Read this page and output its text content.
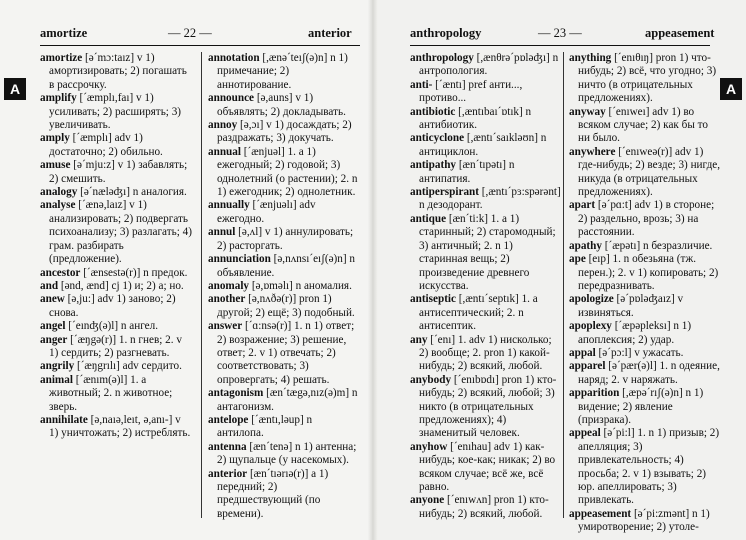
amortize	— 22 —	anterior	anthropology	— 23 —	appeasement
A	A
amortize [ə´mɔ:taız] v 1) амортизировать; 2) погашать в рассрочку.
amplify [´æmplı,faı] v 1) усиливать; 2) расширять; 3) увеличивать.
amply [´æmplı] adv 1) достаточно; 2) обильно.
amuse [ə´mju:z] v 1) забавлять; 2) смешить.
analogy [ə´næləʤı] n аналогия.
analyse [´ænə,laız] v 1) анализировать; 2) подвергать психоанализу; 3) разлагать; 4) грам. разбирать (предложение).
ancestor [´ænsestə(r)] n предок.
and [ənd, ænd] cj 1) и; 2) а; но.
anew [ə,ju:] adv 1) заново; 2) снова.
angel [´eınʤ(ə)l] n ангел.
anger [´æŋgə(r)] 1. n гнев; 2. v 1) сердить; 2) разгневать.
angrily [´æŋgrılı] adv сердито.
animal [´ænım(ə)l] 1. a животный; 2. n животное; зверь.
annihilate [ə,naıə,leıt, ə,anı-] v 1) уничтожать; 2) истреблять.
annotation [,ænə´teıʃ(ə)n] n 1) примечание; 2) аннотирование.
announce [ə,auns] v 1) объявлять; 2) докладывать.
annoy [ə,ɔı] v 1) досаждать; 2) раздражать; 3) докучать.
annual [´ænjuəl] 1. a 1) ежегодный; 2) годовой; 3) однолетний (о растении); 2. n 1) ежегодник; 2) однолетник.
annually [´ænjuəlı] adv ежегодно.
annul [ə,ʌl] v 1) аннулировать; 2) расторгать.
annunciation [ə,nʌnsı´eıʃ(ə)n] n объявление.
anomaly [ə,ɒməlı] n аномалия.
another [ə,nʌðə(r)] pron 1) другой; 2) ещё; 3) подобный.
answer [´ɑ:nsə(r)] 1. n 1) ответ; 2) возражение; 3) решение, ответ; 2. v 1) отвечать; 2) соответствовать; 3) опровергать; 4) решать.
antagonism [æn´tægə,nız(ə)m] n антагонизм.
antelope [´æntı,ləup] n антилопа.
antenna [æn´tenə] n 1) антенна; 2) щупальце (у насекомых).
anterior [æn´tıərıə(r)] a 1) передний; 2) предшествующий (по времени).
anthropology [,ænθrə´pɒləʤı] n антропология.
anti- [´æntı] pref анти..., противо...
antibiotic [,æntıbaı´ɒtık] n антибиотик.
anticyclone [,æntı´saıkləʊn] n антициклон.
antipathy [æn´tıpətı] n антипатия.
antiperspirant [,æntı´pɜ:spərənt] n дезодорант.
antique [æn´ti:k] 1. a 1) старинный; 2) старомодный; 3) античный; 2. n 1) старинная вещь; 2) произведение древнего искусства.
antiseptic [,æntı´septık] 1. a антисептический; 2. n антисептик.
any [´enı] 1. adv 1) нисколько; 2) вообще; 2. pron 1) какой-нибудь; 2) всякий, любой.
anybody [´enıbɒdı] pron 1) кто-нибудь; 2) всякий, любой; 3) никто (в отрицательных предложениях); 4) знаменитый человек.
anyhow [´enıhau] adv 1) как-нибудь; кое-как; никак; 2) во всяком случае; всё же, всё равно.
anyone [´enıwʌn] pron 1) кто-нибудь; 2) всякий, любой.
anything [´enıθıŋ] pron 1) что-нибудь; 2) всё, что угодно; 3) ничто (в отрицательных предложениях).
anyway [´enıweı] adv 1) во всяком случае; 2) как бы то ни было.
anywhere [´enıweə(r)] adv 1) где-нибудь; 2) везде; 3) нигде, никуда (в отрицательных предложениях).
apart [ə´pɑ:t] adv 1) в стороне; 2) раздельно, врозь; 3) на расстоянии.
apathy [´æpətı] n безразличие.
ape [eıp] 1. n обезьяна (тж. перен.); 2. v 1) копировать; 2) передразнивать.
apologize [ə´pɒləʤaız] v извиняться.
apoplexy [´æpəpleksı] n 1) апоплексия; 2) удар.
appal [ə´pɔ:l] v ужасать.
apparel [ə´pær(ə)l] 1. n одеяние, наряд; 2. v наряжать.
apparition [,æpə´rıʃ(ə)n] n 1) видение; 2) явление (призрака).
appeal [ə´pi:l] 1. n 1) призыв; 2) апелляция; 3) привлекательность; 4) просьба; 2. v 1) взывать; 2) юр. апеллировать; 3) привлекать.
appeasement [ə´pi:zmənt] n 1) умиротворение; 2) утоле-
